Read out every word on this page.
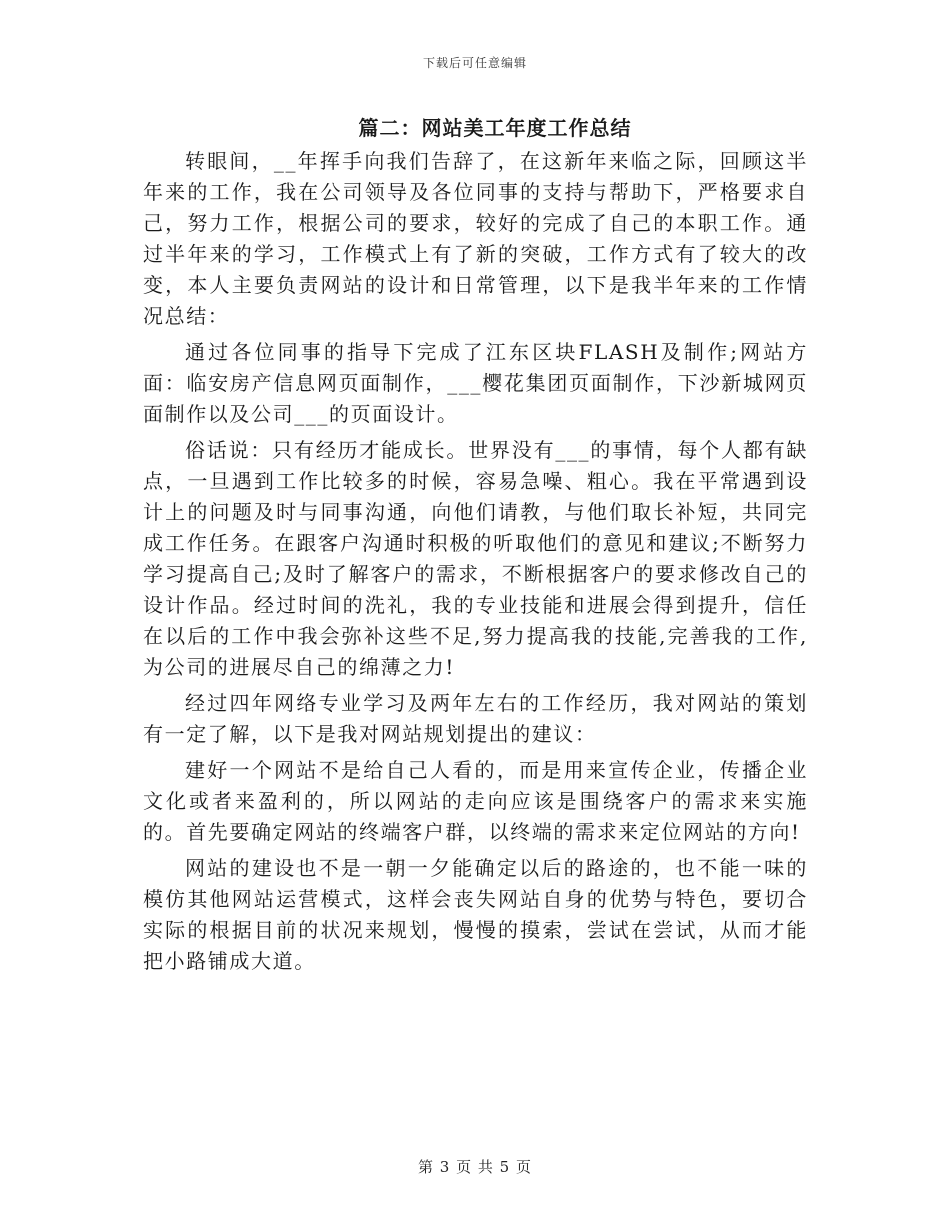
下载后可任意编辑
篇二：网站美工年度工作总结

转眼间，__年挥手向我们告辞了，在这新年来临之际，回顾这半年来的工作，我在公司领导及各位同事的支持与帮助下，严格要求自己，努力工作，根据公司的要求，较好的完成了自己的本职工作。通过半年来的学习，工作模式上有了新的突破，工作方式有了较大的改变，本人主要负责网站的设计和日常管理，以下是我半年来的工作情况总结：

通过各位同事的指导下完成了江东区块FLASH及制作;网站方面：临安房产信息网页面制作，___樱花集团页面制作，下沙新城网页面制作以及公司___的页面设计。

俗话说：只有经历才能成长。世界没有___的事情，每个人都有缺点，一旦遇到工作比较多的时候，容易急噪、粗心。我在平常遇到设计上的问题及时与同事沟通，向他们请教，与他们取长补短，共同完成工作任务。在跟客户沟通时积极的听取他们的意见和建议;不断努力学习提高自己;及时了解客户的需求，不断根据客户的要求修改自己的设计作品。经过时间的洗礼，我的专业技能和进展会得到提升，信任在以后的工作中我会弥补这些不足,努力提高我的技能,完善我的工作,为公司的进展尽自己的绵薄之力!

经过四年网络专业学习及两年左右的工作经历，我对网站的策划有一定了解，以下是我对网站规划提出的建议：

建好一个网站不是给自己人看的，而是用来宣传企业，传播企业文化或者来盈利的，所以网站的走向应该是围绕客户的需求来实施的。首先要确定网站的终端客户群，以终端的需求来定位网站的方向!

网站的建设也不是一朝一夕能确定以后的路途的，也不能一味的模仿其他网站运营模式，这样会丧失网站自身的优势与特色，要切合实际的根据目前的状况来规划，慢慢的摸索，尝试在尝试，从而才能把小路铺成大道。

第 3 页 共 5 页
